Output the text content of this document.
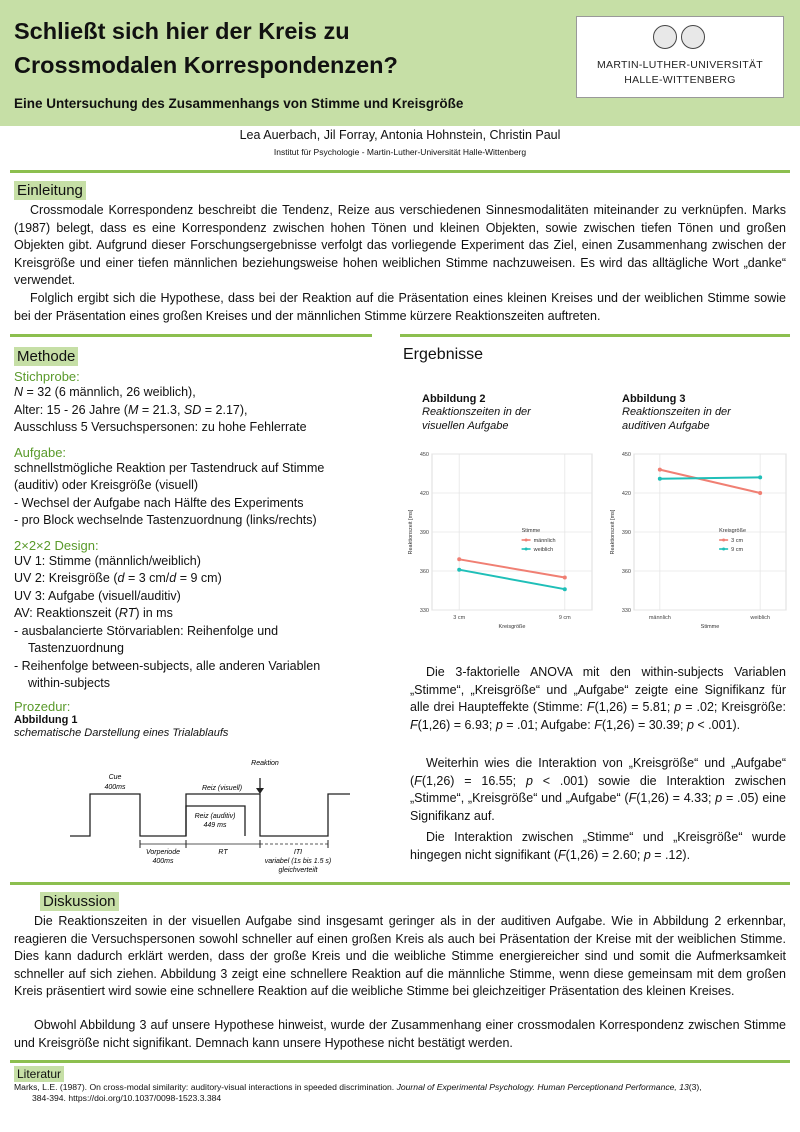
Schließt sich hier der Kreis zu
Crossmodalen Korrespondenzen?
Eine Untersuchung des Zusammenhangs von Stimme und Kreisgröße
MARTIN-LUTHER-UNIVERSITÄT
HALLE-WITTENBERG
Lea Auerbach, Jil Forray, Antonia Hohnstein, Christin Paul
Institut für Psychologie - Martin-Luther-Universität Halle-Wittenberg
Einleitung
Crossmodale Korrespondenz beschreibt die Tendenz, Reize aus verschiedenen Sinnesmodalitäten miteinander zu verknüpfen. Marks (1987) belegt, dass es eine Korrespondenz zwischen hohen Tönen und kleinen Objekten, sowie zwischen tiefen Tönen und großen Objekten gibt. Aufgrund dieser Forschungsergebnisse verfolgt das vorliegende Experiment das Ziel, einen Zusammenhang zwischen der Kreisgröße und einer tiefen männlichen beziehungsweise hohen weiblichen Stimme nachzuweisen. Es wird das alltägliche Wort „danke“ verwendet.
Folglich ergibt sich die Hypothese, dass bei der Reaktion auf die Präsentation eines kleinen Kreises und der weiblichen Stimme sowie bei der Präsentation eines großen Kreises und der männlichen Stimme kürzere Reaktionszeiten auftreten.
Methode
Stichprobe:
N = 32 (6 männlich, 26 weiblich),
Alter: 15 - 26 Jahre (M = 21.3, SD = 2.17),
Ausschluss 5 Versuchspersonen: zu hohe Fehlerrate
Aufgabe:
schnellstmögliche Reaktion per Tastendruck auf Stimme
(auditiv) oder Kreisgröße (visuell)
- Wechsel der Aufgabe nach Hälfte des Experiments
- pro Block wechselnde Tastenzuordnung (links/rechts)
2×2×2 Design:
UV 1: Stimme (männlich/weiblich)
UV 2: Kreisgröße (d = 3 cm/d = 9 cm)
UV 3: Aufgabe (visuell/auditiv)
AV: Reaktionszeit (RT) in ms
- ausbalancierte Störvariablen: Reihenfolge und
Tastenzuordnung
- Reihenfolge between-subjects, alle anderen Variablen
within-subjects
Prozedur:
Abbildung 1
schematische Darstellung eines Trialablaufs
Reaktion
Cue
400ms	Reiz (visuell)
Reiz (auditiv)
449 ms
Vorperiode
400ms
RT	ITI
variabel (1s bis 1.5 s)
gleichverteilt
Ergebnisse
Abbildung 2
Reaktionszeiten in der
visuellen Aufgabe
Abbildung 3
Reaktionszeiten in der
auditiven Aufgabe
330
360
390
420
450
3 cm	9 cm
Kreisgröße
Reaktionszeit [ms]	Stimme
männlich
weiblich
330
360
390
420
450
männlich	weiblich
Stimme
Reaktionszeit [ms]	Kreisgröße
3 cm
9 cm
Die 3-faktorielle ANOVA mit den within-subjects Variablen „Stimme“, „Kreisgröße“ und „Aufgabe“ zeigte eine Signifikanz für alle drei Haupteffekte (Stimme: F(1,26) = 5.81; p = .02; Kreisgröße: F(1,26) = 6.93; p = .01; Aufgabe: F(1,26) = 30.39; p < .001).
Weiterhin wies die Interaktion von „Kreisgröße“ und „Aufgabe“ (F(1,26) = 16.55; p < .001) sowie die Interaktion zwischen „Stimme“, „Kreisgröße“ und „Aufgabe“ (F(1,26) = 4.33; p = .05) eine Signifikanz auf.
Die Interaktion zwischen „Stimme“ und „Kreisgröße“ wurde hingegen nicht signifikant (F(1,26) = 2.60; p = .12).
Diskussion
Die Reaktionszeiten in der visuellen Aufgabe sind insgesamt geringer als in der auditiven Aufgabe. Wie in Abbildung 2 erkennbar, reagieren die Versuchspersonen sowohl schneller auf einen großen Kreis als auch bei Präsentation der Kreise mit der weiblichen Stimme. Dies kann dadurch erklärt werden, dass der große Kreis und die weibliche Stimme energiereicher sind und somit die Aufmerksamkeit schneller auf sich ziehen. Abbildung 3 zeigt eine schnellere Reaktion auf die männliche Stimme, wenn diese gemeinsam mit dem großen Kreis präsentiert wird sowie eine schnellere Reaktion auf die weibliche Stimme bei gleichzeitiger Präsentation des kleinen Kreises.
Obwohl Abbildung 3 auf unsere Hypothese hinweist, wurde der Zusammenhang einer crossmodalen Korrespondenz zwischen Stimme und Kreisgröße nicht signifikant. Demnach kann unsere Hypothese nicht bestätigt werden.
Literatur
Marks, L.E. (1987). On cross-modal similarity: auditory-visual interactions in speeded discrimination. Journal of Experimental Psychology. Human Perceptionand Performance, 13(3),
384-394. https://doi.org/10.1037/0098-1523.3.384
